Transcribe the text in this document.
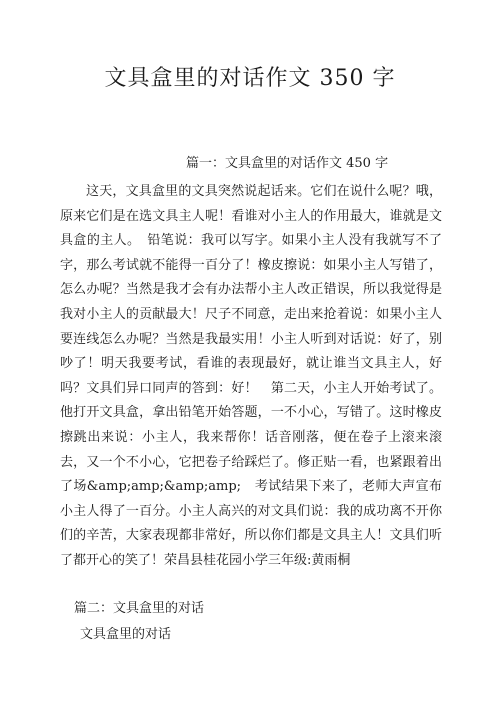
文具盒里的对话作文 350 字
篇一：文具盒里的对话作文 450 字

这天，文具盒里的文具突然说起话来。它们在说什么呢？哦，原来它们是在选文具主人呢！看谁对小主人的作用最大，谁就是文具盒的主人。　铅笔说：我可以写字。如果小主人没有我就写不了字，那么考试就不能得一百分了！橡皮擦说：如果小主人写错了，怎么办呢？当然是我才会有办法帮小主人改正错误，所以我觉得是我对小主人的贡献最大！尺子不同意，走出来抢着说：如果小主人要连线怎么办呢？当然是我最实用！小主人听到对话说：好了，别吵了！明天我要考试，看谁的表现最好，就让谁当文具主人，好吗？文具们异口同声的答到：好！　第二天，小主人开始考试了。他打开文具盒，拿出铅笔开始答题，一不小心，写错了。这时橡皮擦跳出来说：小主人，我来帮你！话音刚落，便在卷子上滚来滚去，又一个不小心，它把卷子给踩烂了。修正贴一看，也紧跟着出了场&amp;amp;&amp;amp;　考试结果下来了，老师大声宣布小主人得了一百分。小主人高兴的对文具们说：我的成功离不开你们的辛苦，大家表现都非常好，所以你们都是文具主人！文具们听了都开心的笑了！荣昌县桂花园小学三年级:黄雨桐

篇二：文具盒里的对话
文具盒里的对话
